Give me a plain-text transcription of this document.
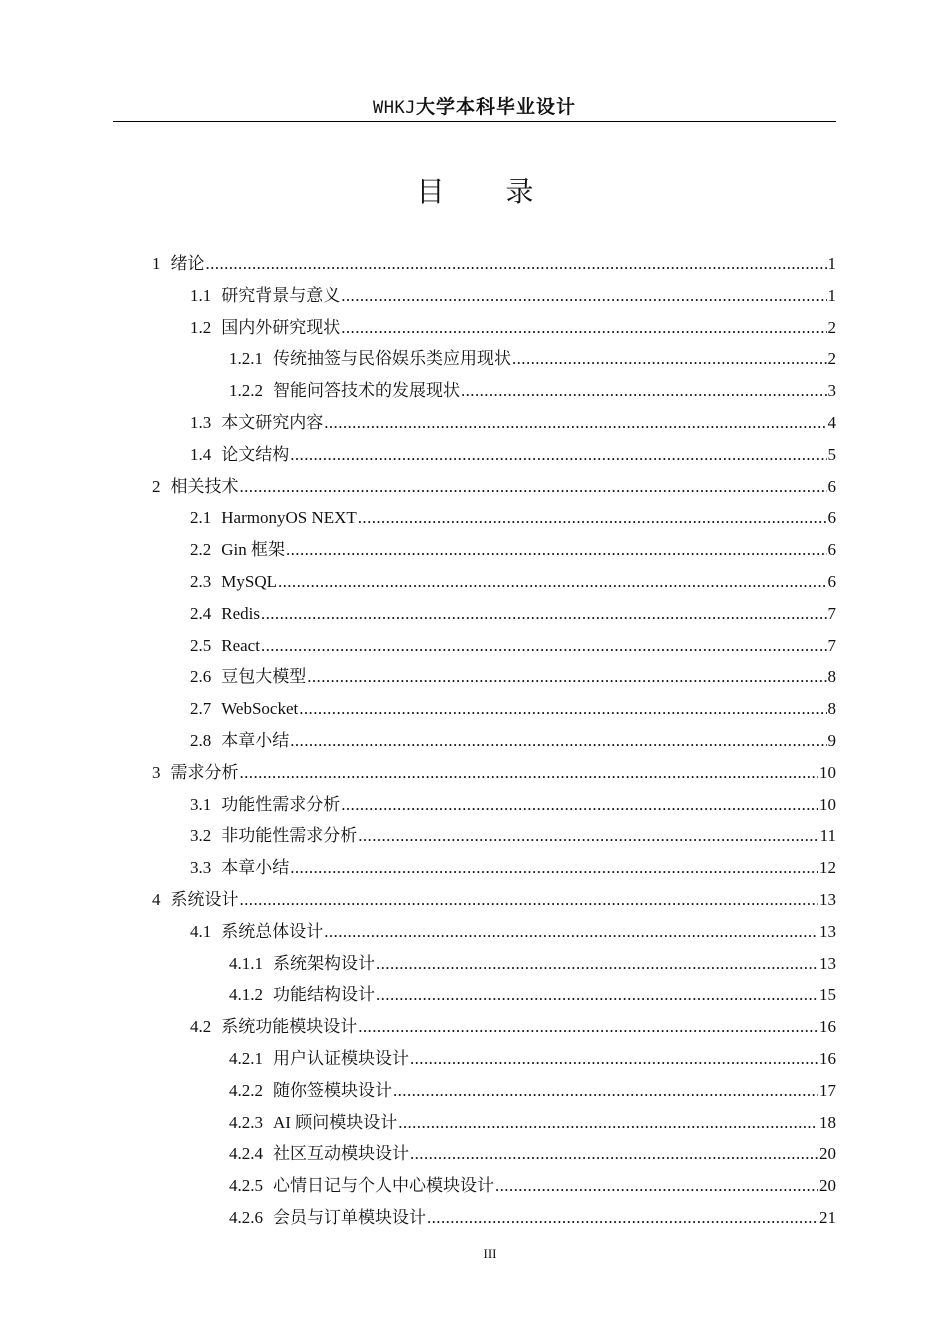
WHKJ大学本科毕业设计
目 录
1 绪论 .....	1
1.1 研究背景与意义 .....	1
1.2 国内外研究现状 .....	2
1.2.1 传统抽签与民俗娱乐类应用现状 .....	2
1.2.2 智能问答技术的发展现状 .....	3
1.3 本文研究内容 .....	4
1.4 论文结构 .....	5
2 相关技术 .....	6
2.1 HarmonyOS NEXT .....	6
2.2 Gin 框架 .....	6
2.3 MySQL .....	6
2.4 Redis .....	7
2.5 React .....	7
2.6 豆包大模型 .....	8
2.7 WebSocket .....	8
2.8 本章小结 .....	9
3 需求分析 .....	10
3.1 功能性需求分析 .....	10
3.2 非功能性需求分析 .....	11
3.3 本章小结 .....	12
4 系统设计 .....	13
4.1 系统总体设计 .....	13
4.1.1 系统架构设计 .....	13
4.1.2 功能结构设计 .....	15
4.2 系统功能模块设计 .....	16
4.2.1 用户认证模块设计 .....	16
4.2.2 随你签模块设计 .....	17
4.2.3 AI 顾问模块设计 .....	18
4.2.4 社区互动模块设计 .....	20
4.2.5 心情日记与个人中心模块设计 .....	20
4.2.6 会员与订单模块设计 .....	21
III
